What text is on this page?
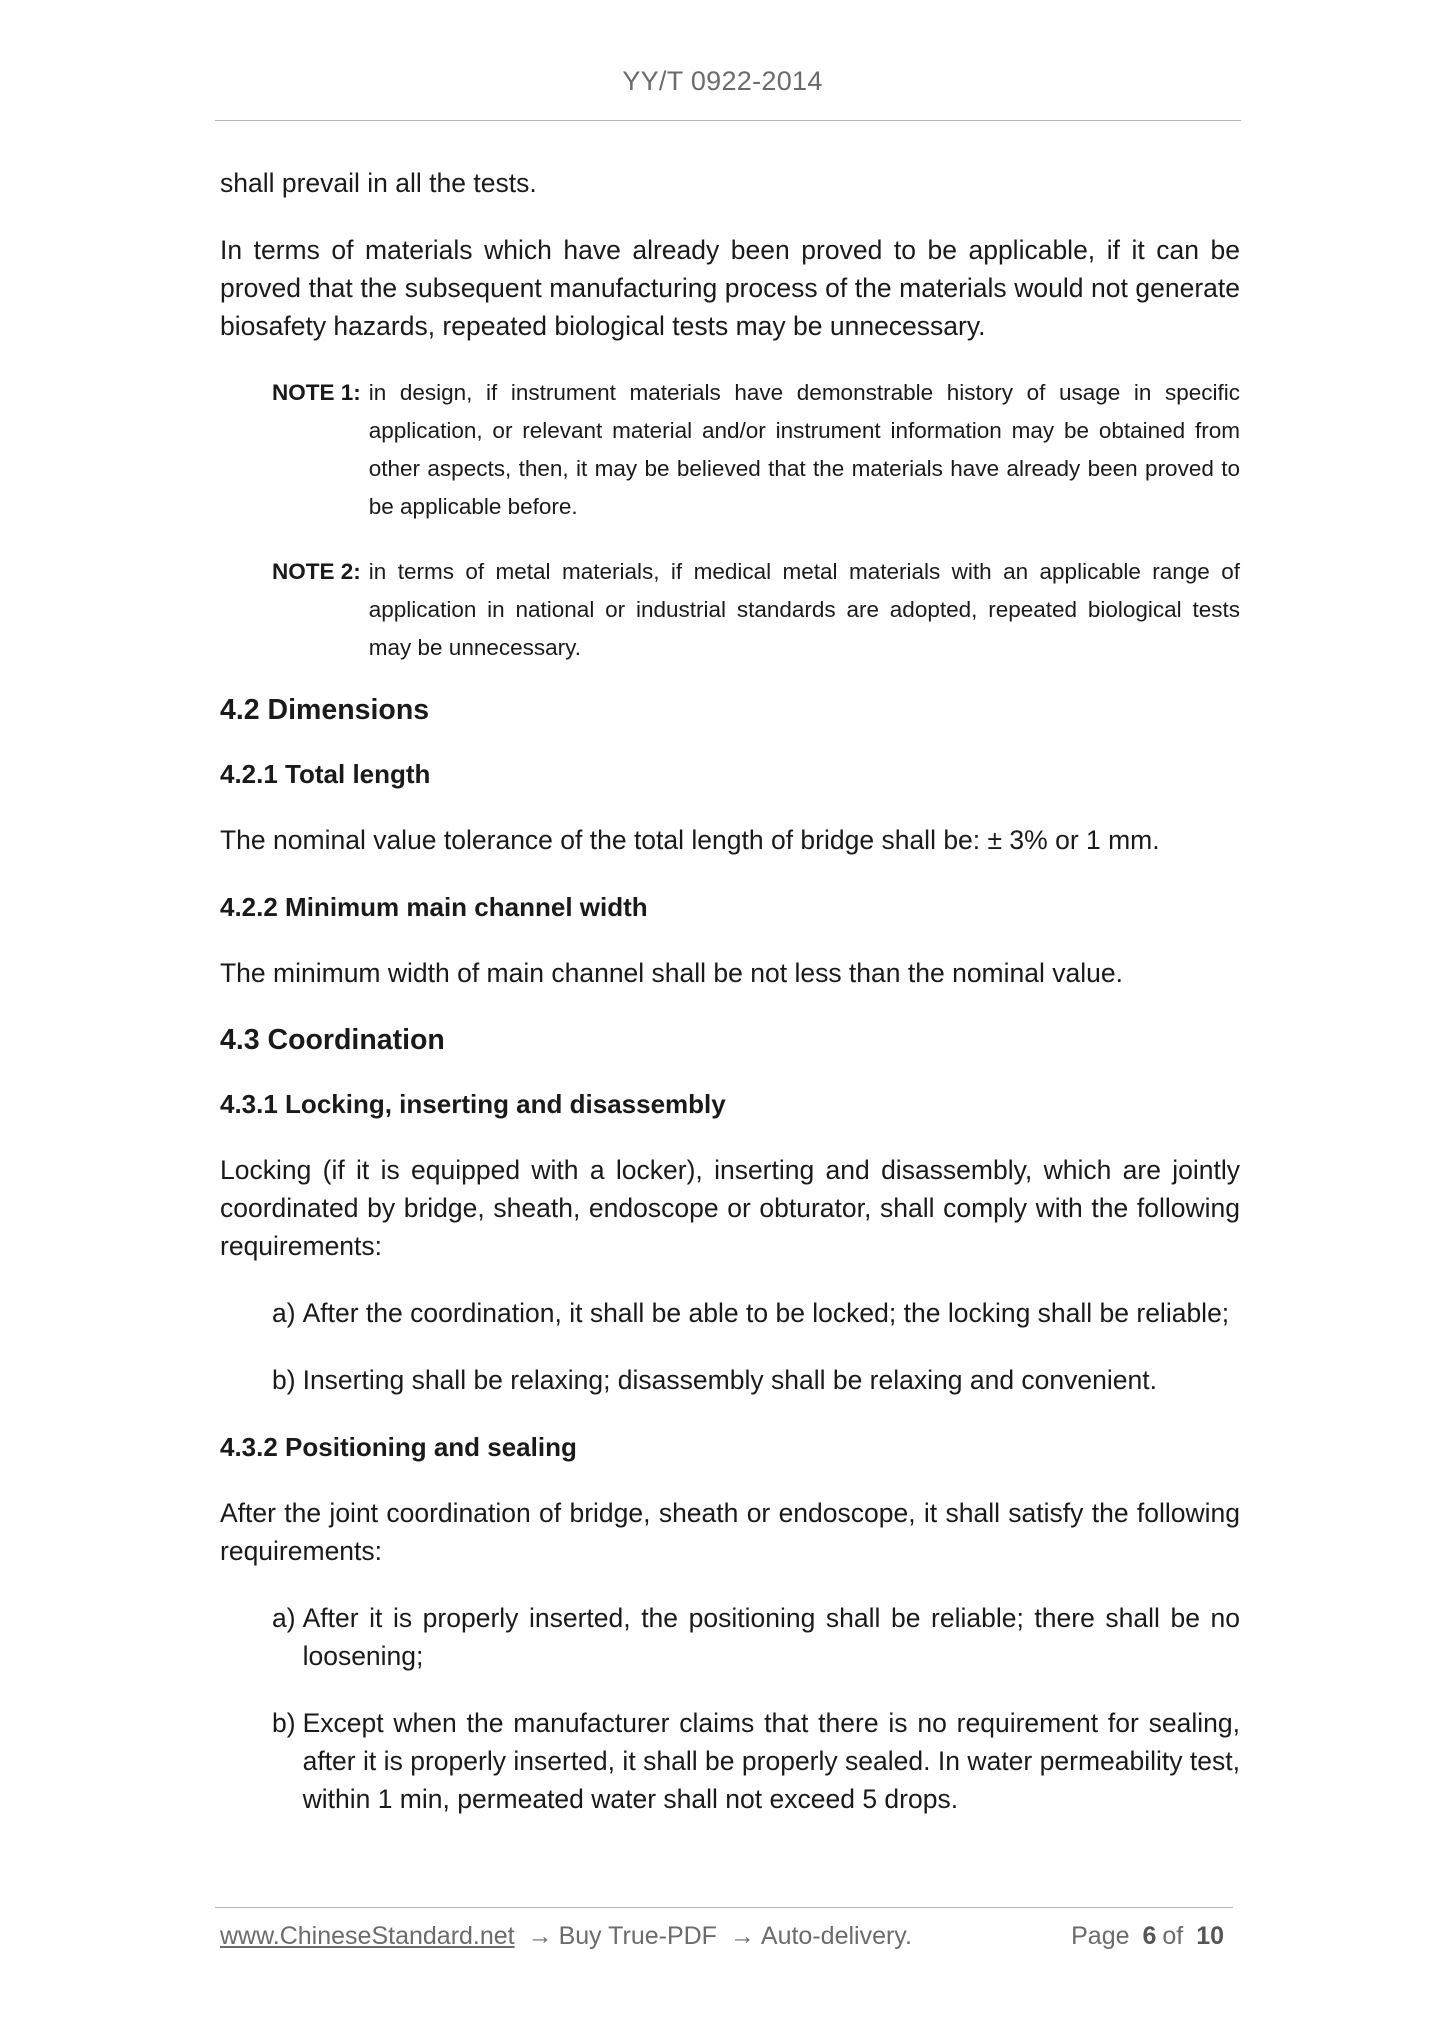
YY/T 0922-2014

shall prevail in all the tests.

In terms of materials which have already been proved to be applicable, if it can be proved that the subsequent manufacturing process of the materials would not generate biosafety hazards, repeated biological tests may be unnecessary.

NOTE 1: in design, if instrument materials have demonstrable history of usage in specific application, or relevant material and/or instrument information may be obtained from other aspects, then, it may be believed that the materials have already been proved to be applicable before.
NOTE 2: in terms of metal materials, if medical metal materials with an applicable range of application in national or industrial standards are adopted, repeated biological tests may be unnecessary.
4.2 Dimensions
4.2.1 Total length

The nominal value tolerance of the total length of bridge shall be: ± 3% or 1 mm.

4.2.2 Minimum main channel width

The minimum width of main channel shall be not less than the nominal value.

4.3 Coordination
4.3.1 Locking, inserting and disassembly

Locking (if it is equipped with a locker), inserting and disassembly, which are jointly coordinated by bridge, sheath, endoscope or obturator, shall comply with the following requirements:

a) After the coordination, it shall be able to be locked; the locking shall be reliable;
b) Inserting shall be relaxing; disassembly shall be relaxing and convenient.
4.3.2 Positioning and sealing

After the joint coordination of bridge, sheath or endoscope, it shall satisfy the following requirements:

a) After it is properly inserted, the positioning shall be reliable; there shall be no loosening;
b) Except when the manufacturer claims that there is no requirement for sealing, after it is properly inserted, it shall be properly sealed. In water permeability test, within 1 min, permeated water shall not exceed 5 drops.
www.ChineseStandard.net → Buy True-PDF → Auto-delivery.	Page 6 of 10
